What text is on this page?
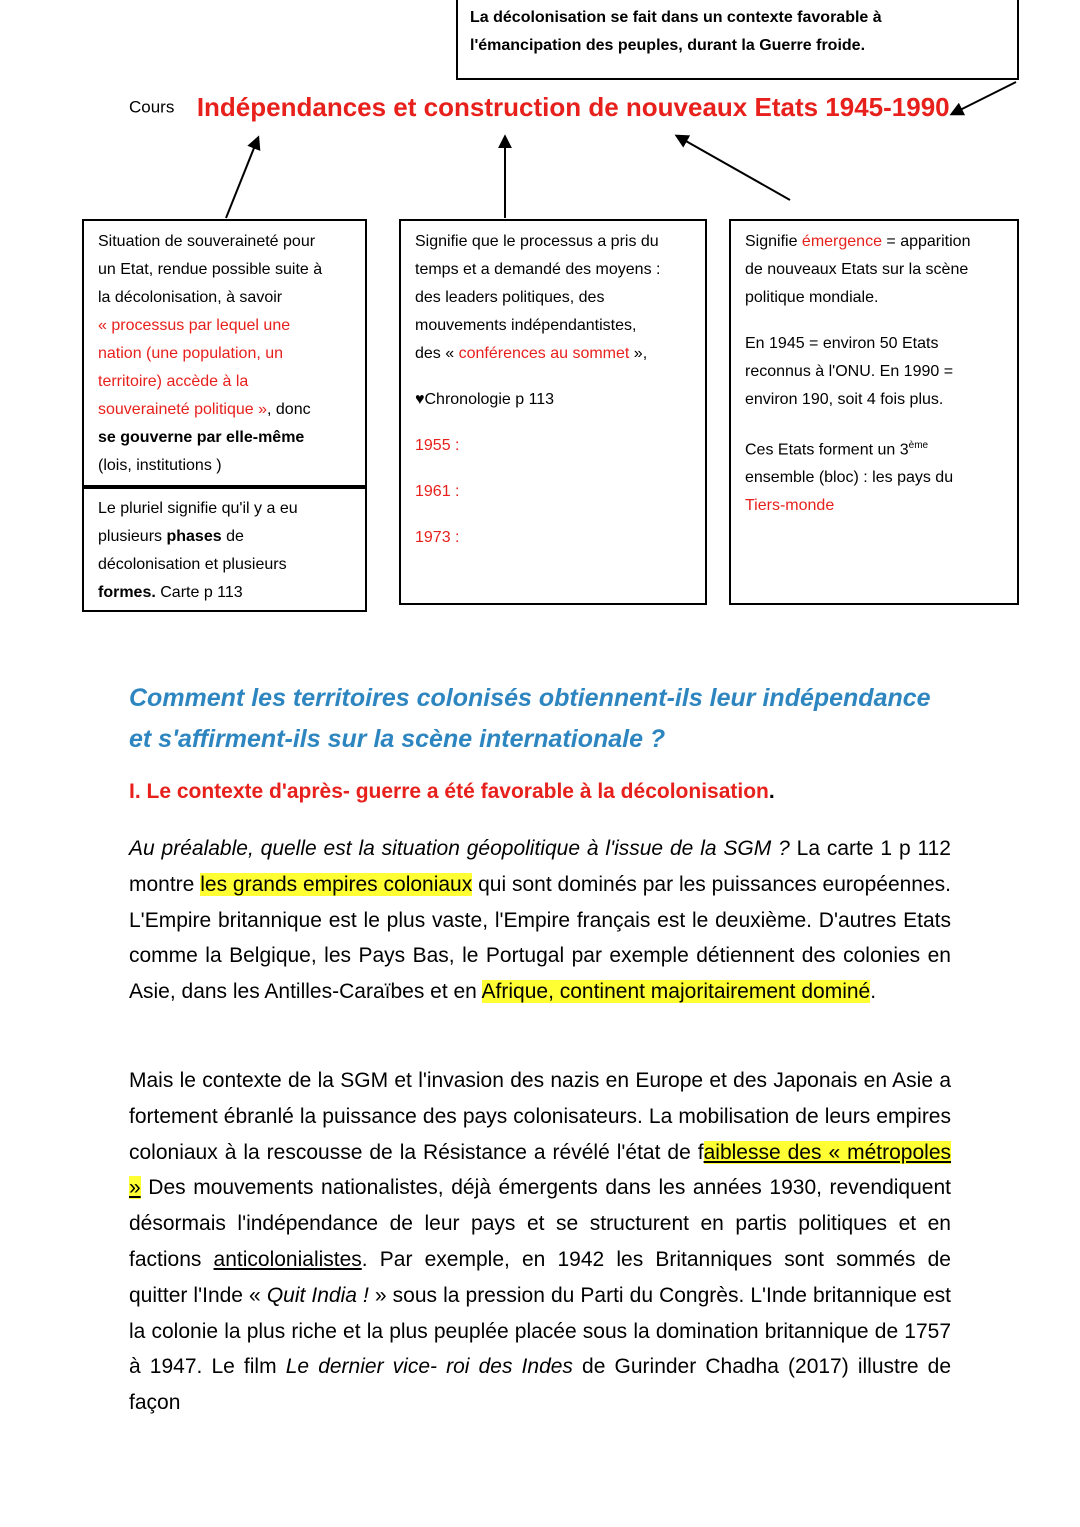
La décolonisation se fait dans un contexte favorable à

l'émancipation des peuples, durant la Guerre froide.

Cours Indépendances et construction de nouveaux Etats 1945-1990

Situation de souveraineté pour

un Etat, rendue possible suite à

la décolonisation, à savoir

« processus par lequel une

nation (une population, un

territoire) accède à la

souveraineté politique », donc

se gouverne par elle-même

(lois, institutions )

Le pluriel signifie qu'il y a eu

plusieurs phases de

décolonisation et plusieurs

formes. Carte p 113

Signifie que le processus a pris du

temps et a demandé des moyens :

des leaders politiques, des

mouvements indépendantistes,

des « conférences au sommet »,

♥Chronologie p 113

1955 :

1961 :

1973 :

Signifie émergence = apparition

de nouveaux Etats sur la scène

politique mondiale.

En 1945 = environ 50 Etats

reconnus à l'ONU. En 1990 =

environ 190, soit 4 fois plus.

Ces Etats forment un 3ème

ensemble (bloc) : les pays du

Tiers-monde

Comment les territoires colonisés obtiennent-ils leur indépendance
et s'affirment-ils sur la scène internationale ?

I. Le contexte d'après- guerre a été favorable à la décolonisation.

Au préalable, quelle est la situation géopolitique à l'issue de la SGM ? La carte 1 p 112 montre les grands empires coloniaux qui sont dominés par les puissances européennes. L'Empire britannique est le plus vaste, l'Empire français est le deuxième. D'autres Etats comme la Belgique, les Pays Bas, le Portugal par exemple détiennent des colonies en Asie, dans les Antilles-Caraïbes et en Afrique, continent majoritairement dominé.

Mais le contexte de la SGM et l'invasion des nazis en Europe et des Japonais en Asie a fortement ébranlé la puissance des pays colonisateurs. La mobilisation de leurs empires coloniaux à la rescousse de la Résistance a révélé l'état de faiblesse des « métropoles » Des mouvements nationalistes, déjà émergents dans les années 1930, revendiquent désormais l'indépendance de leur pays et se structurent en partis politiques et en factions anticolonialistes. Par exemple, en 1942 les Britanniques sont sommés de quitter l'Inde « Quit India ! » sous la pression du Parti du Congrès. L'Inde britannique est la colonie la plus riche et la plus peuplée placée sous la domination britannique de 1757 à 1947. Le film Le dernier vice- roi des Indes de Gurinder Chadha (2017) illustre de façon
